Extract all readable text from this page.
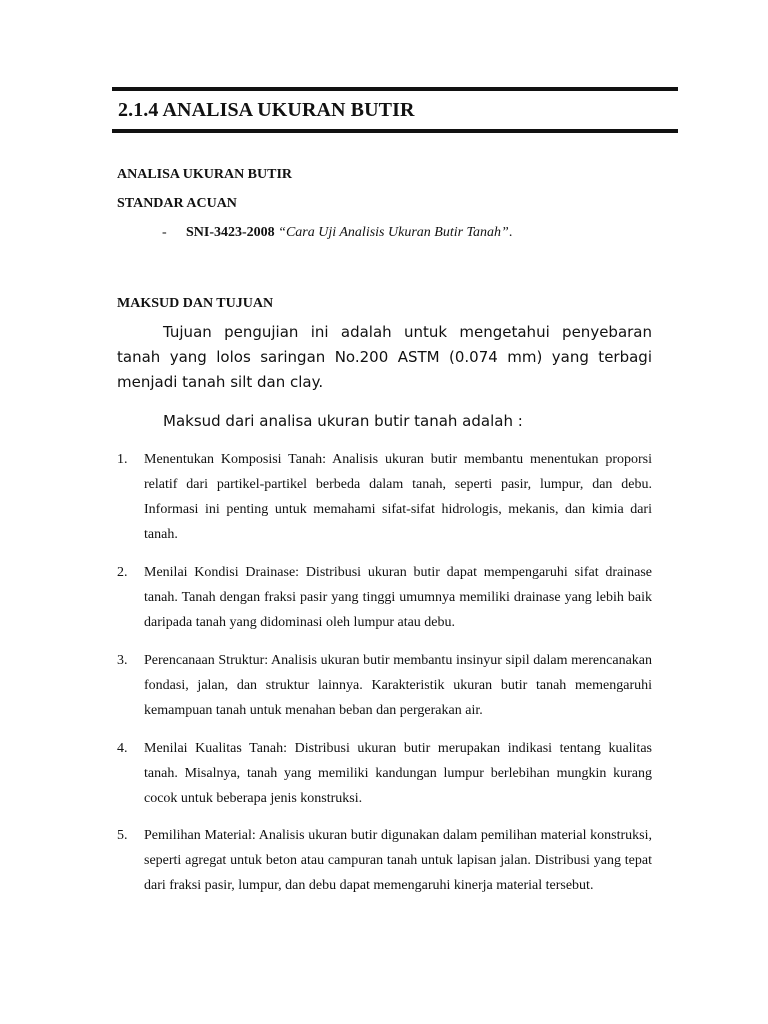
2.1.4 ANALISA UKURAN BUTIR
ANALISA UKURAN BUTIR
STANDAR ACUAN
- SNI-3423-2008 “Cara Uji Analisis Ukuran Butir Tanah”.
MAKSUD DAN TUJUAN
Tujuan pengujian ini adalah untuk mengetahui penyebaran tanah yang lolos saringan No.200 ASTM (0.074 mm) yang terbagi menjadi tanah silt dan clay.
Maksud dari analisa ukuran butir tanah adalah :
1. Menentukan Komposisi Tanah: Analisis ukuran butir membantu menentukan proporsi relatif dari partikel-partikel berbeda dalam tanah, seperti pasir, lumpur, dan debu. Informasi ini penting untuk memahami sifat-sifat hidrologis, mekanis, dan kimia dari tanah.
2. Menilai Kondisi Drainase: Distribusi ukuran butir dapat mempengaruhi sifat drainase tanah. Tanah dengan fraksi pasir yang tinggi umumnya memiliki drainase yang lebih baik daripada tanah yang didominasi oleh lumpur atau debu.
3. Perencanaan Struktur: Analisis ukuran butir membantu insinyur sipil dalam merencanakan fondasi, jalan, dan struktur lainnya. Karakteristik ukuran butir tanah memengaruhi kemampuan tanah untuk menahan beban dan pergerakan air.
4. Menilai Kualitas Tanah: Distribusi ukuran butir merupakan indikasi tentang kualitas tanah. Misalnya, tanah yang memiliki kandungan lumpur berlebihan mungkin kurang cocok untuk beberapa jenis konstruksi.
5. Pemilihan Material: Analisis ukuran butir digunakan dalam pemilihan material konstruksi, seperti agregat untuk beton atau campuran tanah untuk lapisan jalan. Distribusi yang tepat dari fraksi pasir, lumpur, dan debu dapat memengaruhi kinerja material tersebut.
